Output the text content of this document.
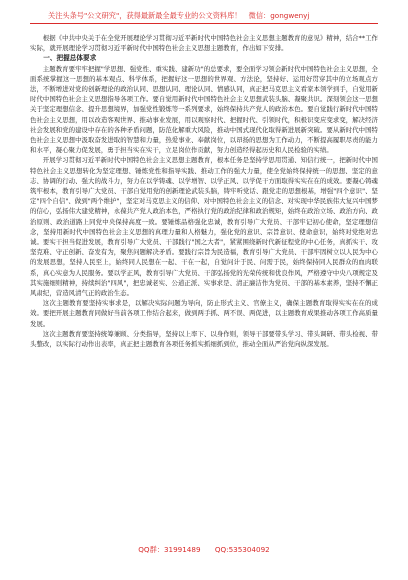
关注头条号"公文研究"，获得最新最全最专业的公文资料库！　微信：gongwenyj

根据《中共中央关于在全党开展理论学习贯彻习近平新时代中国特色社会主义思想主题教育的意见》精神，结合**工作实际，就开展理论学习贯彻习近平新时代中国特色社会主义思想主题教育，作出如下安排。

一、把握总体要求

主题教育要牢牢把握"学思想、强党性、重实践、建新功"的总要求，要全面学习领会新时代中国特色社会主义思想，全面系统掌握这一思想的基本观点、科学体系，把握好这一思想的世界观、方法论，坚持好、运用好贯穿其中的立场观点方法，不断增进对党的创新理论的政治认同、思想认同、理论认同、情感认同，真正把马克思主义看家本领学到手，自觉用新时代中国特色社会主义思想指导各项工作。要自觉用新时代中国特色社会主义思想武装头脑、凝聚共识。深刻领会这一思想关于坚定理想信念、提升思想境界，加强党性锻炼等一系列要求，始终保持共产党人的政治本色。要自觉践行新时代中国特色社会主义思想，用以改造客观世界、推动事业发展，用以观察时代、把握时代、引领时代，积极识变应变求变，解决经济社会发展和党的建设中存在的各种矛盾问题，防范化解重大风险，推动中国式现代化取得新进展新突破。要从新时代中国特色社会主义思想中汲取奋发进取的智慧和力量，热爱事业、奉献岗位，以昂扬的思想为工作动力，不断提高履职尽责的能力和水平，凝心聚力促发展，勇于担当实在实干，立足岗位作贡献，努力创造经得起历史和人民检验的实绩。

开展学习贯彻习近平新时代中国特色社会主义思想主题教育，根本任务是坚持学思用贯通、知信行统一，把新时代中国特色社会主义思想转化为坚定理想、锤炼党性和指导实践、推动工作的强大力量，使全党始终保持统一的思想、坚定的意志、协调的行动、强大的战斗力，努力在以学铸魂、以学增智、以学正风、以学促干方面取得实实在在的成效。要凝心铸魂筑牢根本，教育引导广大党员、干部自觉用党的创新理论武装头脑，铸牢听党话、跟党走的思想根基，增强"四个意识"、坚定"四个自信"、做到"两个维护"，坚定对马克思主义的信仰、对中国特色社会主义的信念、对实现中华民族伟大复兴中国梦的信心，弘扬伟大建党精神，永葆共产党人政治本色，严格执行党的政治纪律和政治规矩，始终在政治立场、政治方向、政治原则、政治道路上同党中央保持高度一致。要锤炼品格强化忠诚，教育引导广大党员、干部牢记初心使命，坚定理想信念，坚持用新时代中国特色社会主义思想的真理力量和人格魅力，强化党的意识、宗旨意识、使命意识，始终对党绝对忠诚。要实干担当促进发展，教育引导广大党员、干部践行"国之大者"，紧紧围绕新时代新征程党的中心任务，真抓实干、攻坚克难、守正创新、奋发有为，聚焦问题解决矛盾。要践行宗旨为民造福，教育引导广大党员、干部牢固树立以人民为中心的发展思想，坚持人民至上，始终同人民想在一起、干在一起，自觉问计于民、问需于民，始终保持同人民群众的血肉联系，真心实意为人民服务。要以学正风，教育引导广大党员、干部弘扬党的光荣传统和优良作风，严格遵守中央八项规定及其实施细则精神，持续纠治"四风"，把忠诚老实、公道正派、实事求是、清正廉洁作为党员、干部的基本素养，坚持不懈正风肃纪，营造风清气正的政治生态。

这次主题教育要坚持实事求是，以解决实际问题为导向，防止形式主义、官僚主义，确保主题教育取得实实在在的成效。要把开展主题教育同做好当前各项工作结合起来，做到两手抓、两不误、两促进，以主题教育成果推动各项工作高质量发展。

这次主题教育要坚持统筹兼顾、分类指导，坚持以上率下、以身作则，领导干部要带头学习、带头调研、带头检视、带头整改，以实际行动作出表率，真正把主题教育各项任务抓实抓细抓到位，推动全面从严治党向纵深发展。

QQ群：31991489 QQ:535304092
